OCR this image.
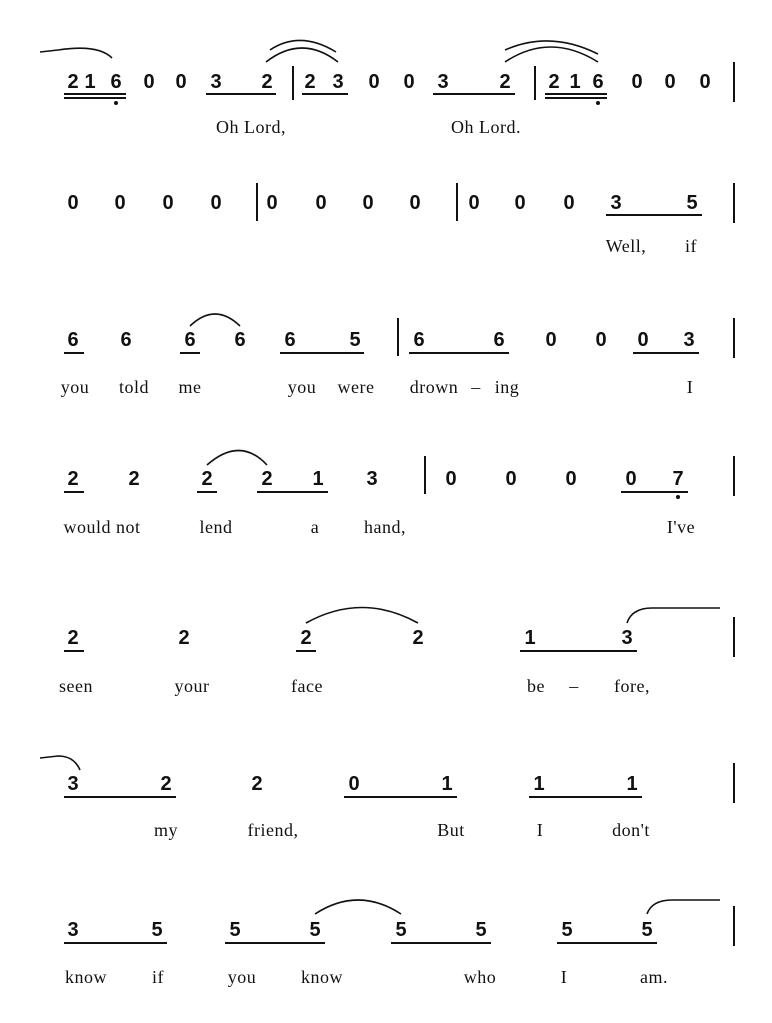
2 1 6 0 0 3 2 2 3 0 0 3	2 2 1 6 0 0 0
Oh Lord,	Oh Lord.
0 0 0 0 0 0 0 0 0 0 0 3	5
Well, if
6 6	6 6 6	5	6	6 0 0 0 3
you told me	you were drown – ing	I
2 2	2 2 1 3	0 0 0 0 7
would not	lend	a hand,	I've
2	2	2	2	1	3
seen	your	face	be – fore,
3	2	2	0	1	1	1
my	friend,	But	I	don't
3	5	5	5	5	5	5	5
know	if	you know	who	I	am.
